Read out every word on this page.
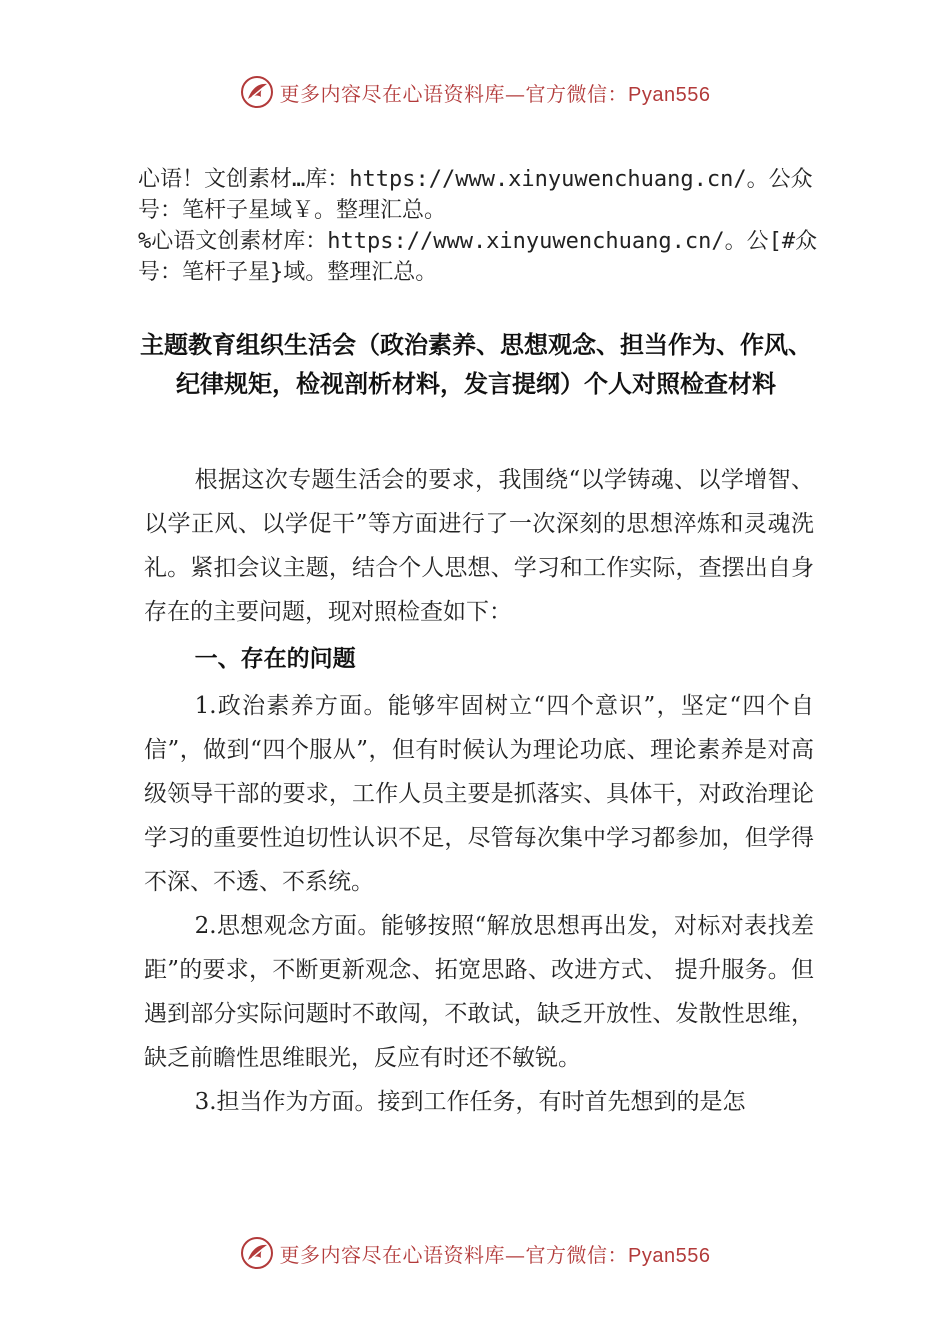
更多内容尽在心语资料库—官方微信：Pyan556

心语！文创素材…库：https://www.xinyuwenchuang.cn/。公众号：笔杆子星域￥。整理汇总。

%心语文创素材库：https://www.xinyuwenchuang.cn/。公[#众号：笔杆子星}域。整理汇总。

主题教育组织生活会（政治素养、思想观念、担当作为、作风、纪律规矩，检视剖析材料，发言提纲）个人对照检查材料

根据这次专题生活会的要求，我围绕“以学铸魂、以学增智、以学正风、以学促干”等方面进行了一次深刻的思想淬炼和灵魂洗礼。紧扣会议主题，结合个人思想、学习和工作实际，查摆出自身存在的主要问题，现对照检查如下：

一、存在的问题

1.政治素养方面。能够牢固树立“四个意识”，坚定“四个自信”，做到“四个服从”，但有时候认为理论功底、理论素养是对高级领导干部的要求，工作人员主要是抓落实、具体干，对政治理论学习的重要性迫切性认识不足，尽管每次集中学习都参加，但学得不深、不透、不系统。

2.思想观念方面。能够按照“解放思想再出发，对标对表找差距”的要求，不断更新观念、拓宽思路、改进方式、 提升服务。但遇到部分实际问题时不敢闯，不敢试，缺乏开放性、发散性思维，缺乏前瞻性思维眼光，反应有时还不敏锐。

3.担当作为方面。接到工作任务，有时首先想到的是怎

更多内容尽在心语资料库—官方微信：Pyan556
